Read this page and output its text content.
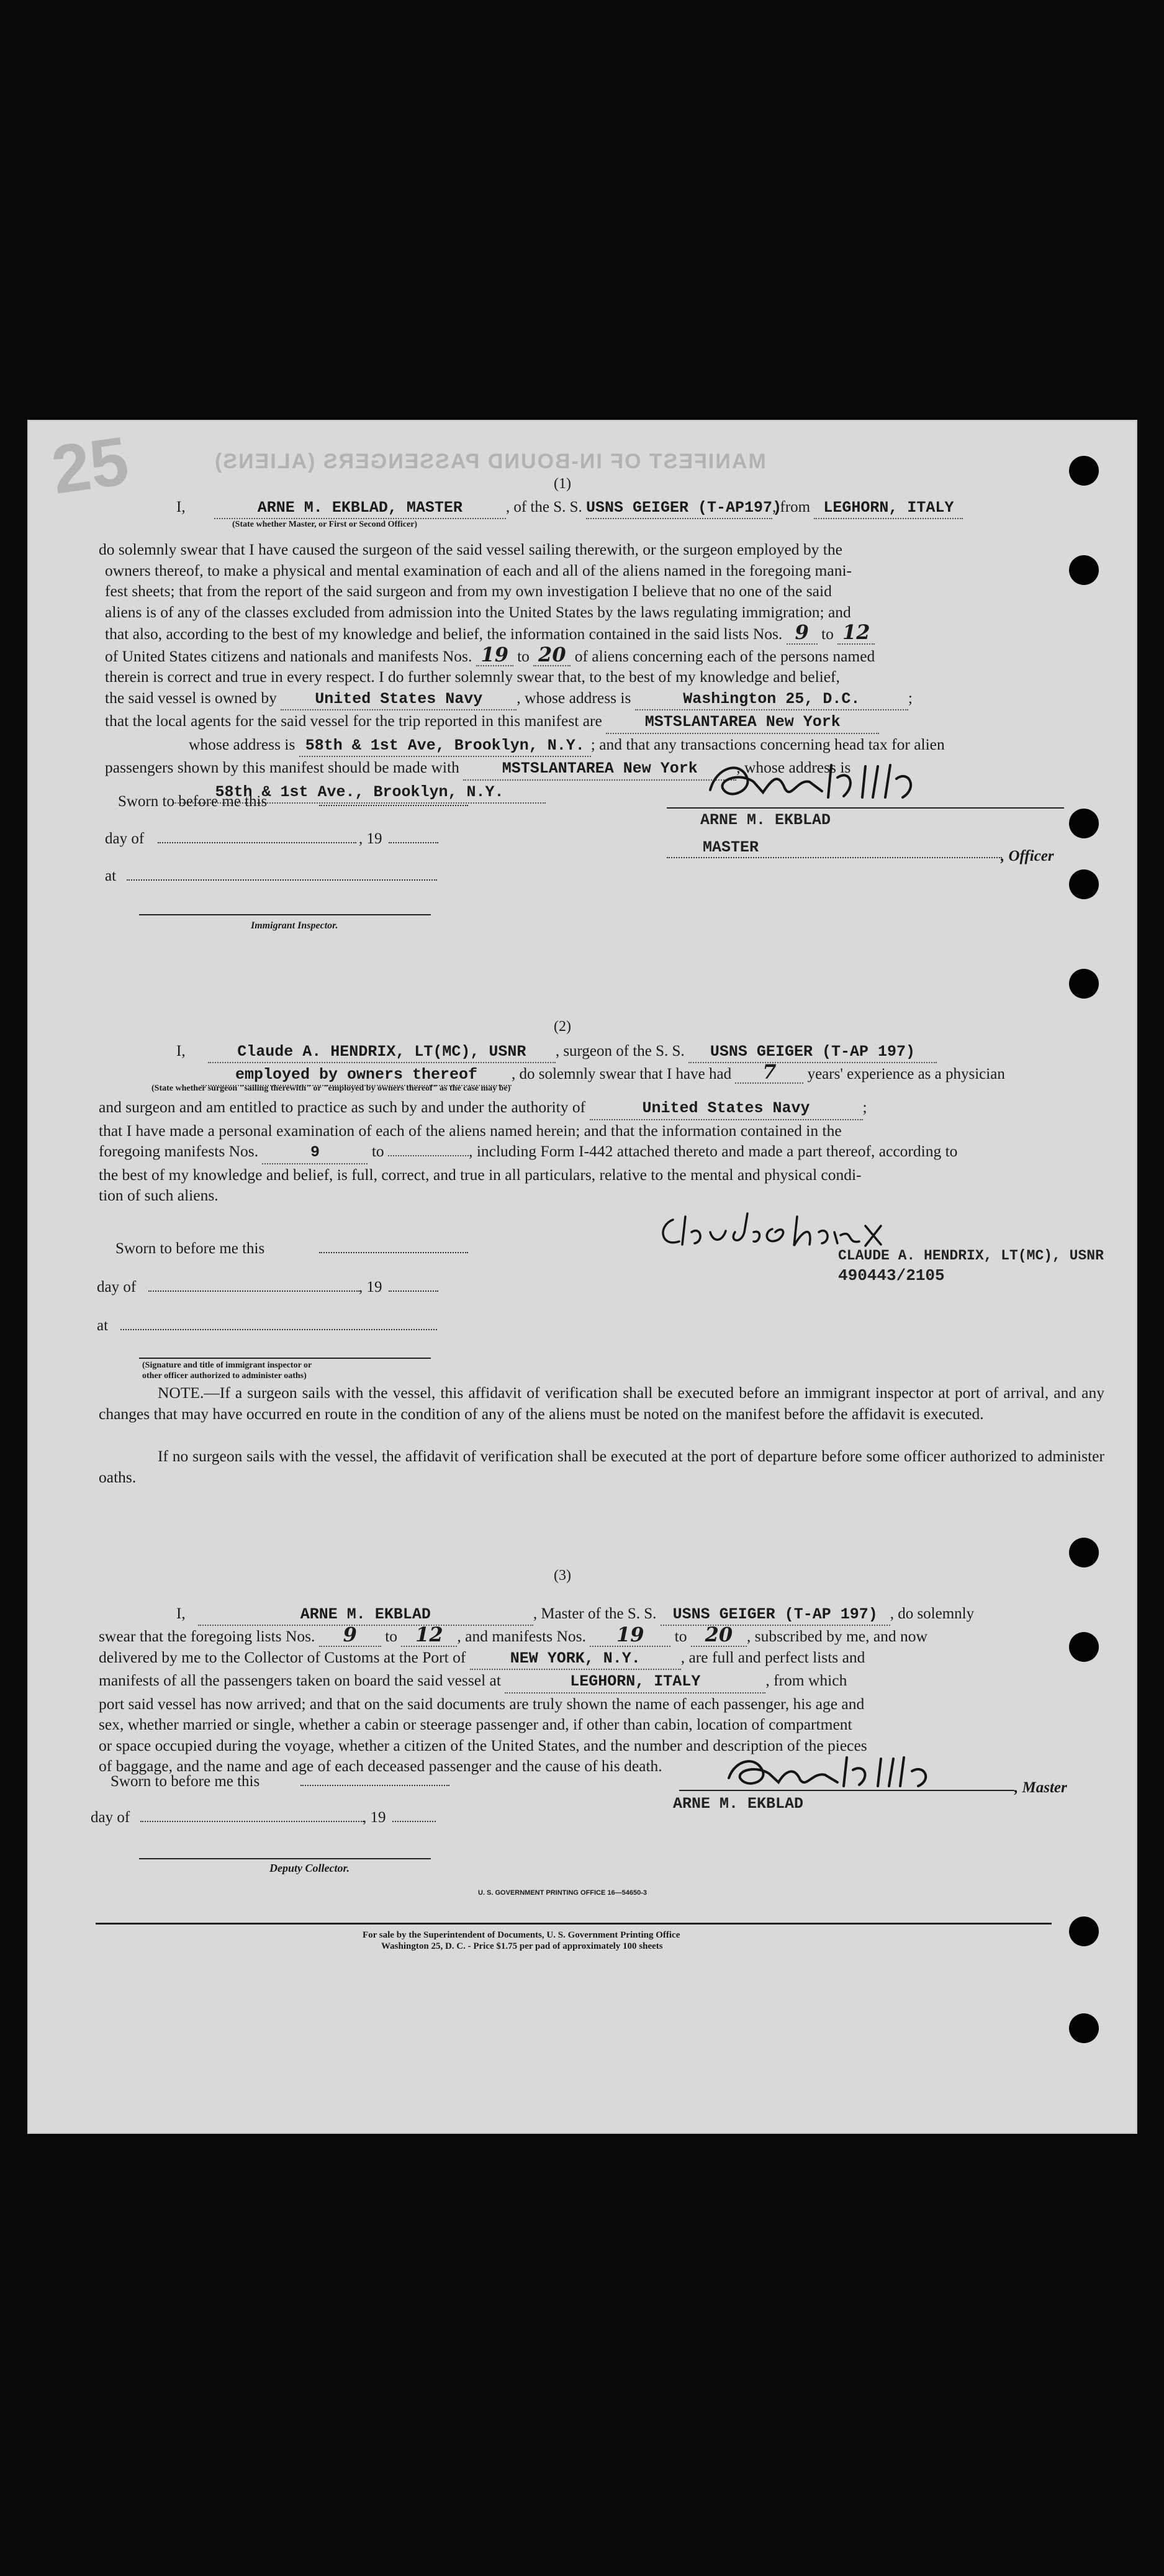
25	MANIFEST OF IN-BOUND PASSENGERS (ALIENS)
(1)
I,	ARNE M. EKBLAD, MASTER	, of the S. S. USNS GEIGER (T-AP197), from LEGHORN, ITALY
(State whether Master, or First or Second Officer)
do solemnly swear that I have caused the surgeon of the said vessel sailing therewith, or the surgeon employed by the
owners thereof, to make a physical and mental examination of each and all of the aliens named in the foregoing mani-
fest sheets; that from the report of the said surgeon and from my own investigation I believe that no one of the said
aliens is of any of the classes excluded from admission into the United States by the laws regulating immigration; and
that also, according to the best of my knowledge and belief, the information contained in the said lists Nos. 9 to 12
of United States citizens and nationals and manifests Nos. 19 to 20 of aliens concerning each of the persons named
therein is correct and true in every respect. I do further solemnly swear that, to the best of my knowledge and belief,
the said vessel is owned by United States Navy , whose address is	Washington 25, D.C.	;
that the local agents for the said vessel for the trip reported in this manifest are	MSTSLANTAREA New York
whose address is 58th & 1st Ave, Brooklyn, N.Y. ; and that any transactions concerning head tax for alien
passengers shown by this manifest should be made with	MSTSLANTAREA New York , whose address is
58th & 1st Ave., Brooklyn, N.Y.
Sworn to before me this
day of	, 19
at
Immigrant Inspector.
ARNE M. EKBLAD
MASTER	, Officer
(2)
I,	Claude A. HENDRIX, LT(MC), USNR , surgeon of the S. S. USNS GEIGER (T-AP 197)
employed by owners thereof , do solemnly swear that I have had 7 years' experience as a physician
(State whether surgeon "sailing therewith" or "employed by owners thereof" as the case may be)
and surgeon and am entitled to practice as such by and under the authority of	United States Navy	;
that I have made a personal examination of each of the aliens named herein; and that the information contained in the
foregoing manifests Nos.	9	to	, including Form I-442 attached thereto and made a part thereof, according to
the best of my knowledge and belief, is full, correct, and true in all particulars, relative to the mental and physical condi-
tion of such aliens.
Sworn to before me this
day of	, 19
at
(Signature and title of immigrant inspector or other officer authorized to administer oaths)
CLAUDE A. HENDRIX, LT(MC), USNR
490443/2105
NOTE.—If a surgeon sails with the vessel, this affidavit of verification shall be executed before an immigrant inspector at port of arrival, and any changes that may have occurred en route in the condition of any of the aliens must be noted on the manifest before the affidavit is executed.
If no surgeon sails with the vessel, the affidavit of verification shall be executed at the port of departure before some officer authorized to administer oaths.
(3)
I,	ARNE M. EKBLAD	, Master of the S. S. USNS GEIGER (T-AP 197) , do solemnly
swear that the foregoing lists Nos. 9 to 12 , and manifests Nos. 19 to 20 , subscribed by me, and now
delivered by me to the Collector of Customs at the Port of	NEW YORK, N.Y.	, are full and perfect lists and
manifests of all the passengers taken on board the said vessel at	LEGHORN, ITALY	, from which
port said vessel has now arrived; and that on the said documents are truly shown the name of each passenger, his age and
sex, whether married or single, whether a cabin or steerage passenger and, if other than cabin, location of compartment
or space occupied during the voyage, whether a citizen of the United States, and the number and description of the pieces
of baggage, and the name and age of each deceased passenger and the cause of his death.
Sworn to before me this
day of	, 19
Deputy Collector.
, Master
ARNE M. EKBLAD
U. S. GOVERNMENT PRINTING OFFICE 16—54650-3
For sale by the Superintendent of Documents, U. S. Government Printing Office
Washington 25, D. C. - Price $1.75 per pad of approximately 100 sheets
